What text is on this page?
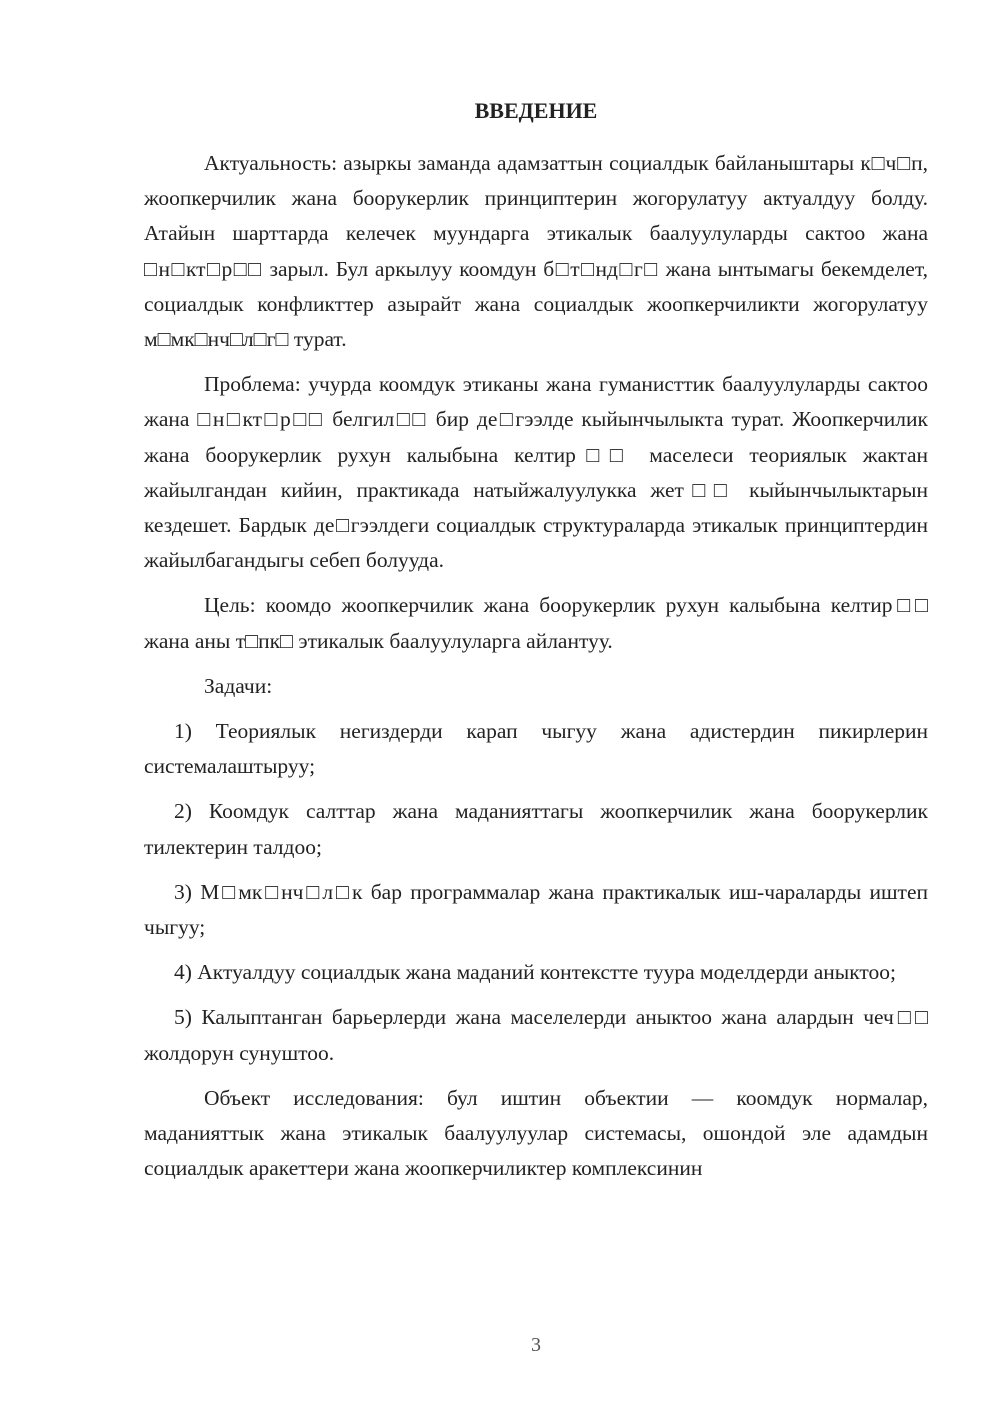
ВВЕДЕНИЕ

Актуальность: азыркы заманда адамзаттын социалдык байланыштары к□ч□п, жоопкерчилик жана боорукерлик принциптерин жогорулатуу актуалдуу болду. Атайын шарттарда келечек муундарга этикалык баалуулуларды сактоо жана □н□кт□р□□ зарыл. Бул аркылуу коомдун б□т□нд□г□ жана ынтымагы бекемделет, социалдык конфликттер азырайт жана социалдык жоопкерчиликти жогорулатуу м□мк□нч□л□г□ турат.

Проблема: учурда коомдук этиканы жана гуманисттик баалуулуларды сактоо жана □н□кт□р□□ белгил□□ бир де□гээлде кыйынчылыкта турат. Жоопкерчилик жана боорукерлик рухун калыбына келтир□□ маселеси теориялык жактан жайылгандан кийин, практикада натыйжалуулукка жет□□ кыйынчылыктарын кездешет. Бардык де□гээлдеги социалдык структураларда этикалык принциптердин жайылбагандыгы себеп болууда.

Цель: коомдо жоопкерчилик жана боорукерлик рухун калыбына келтир□□ жана аны т□пк□ этикалык баалуулуларга айлантуу.

Задачи:

1) Теориялык негиздерди карап чыгуу жана адистердин пикирлерин системалаштыруу;

2) Коомдук салттар жана маданияттагы жоопкерчилик жана боорукерлик тилектерин талдоо;

3) М□мк□нч□л□к бар программалар жана практикалык иш-чараларды иштеп чыгуу;

4) Актуалдуу социалдык жана маданий контекстте туура моделдерди аныктоо;

5) Калыптанган барьерлерди жана маселелерди аныктоо жана алардын чеч□□ жолдорун сунуштоо.

Объект исследования: бул иштин объектии — коомдук нормалар, маданияттык жана этикалык баалуулуулар системасы, ошондой эле адамдын социалдык аракеттери жана жоопкерчиликтер комплексинин

3
